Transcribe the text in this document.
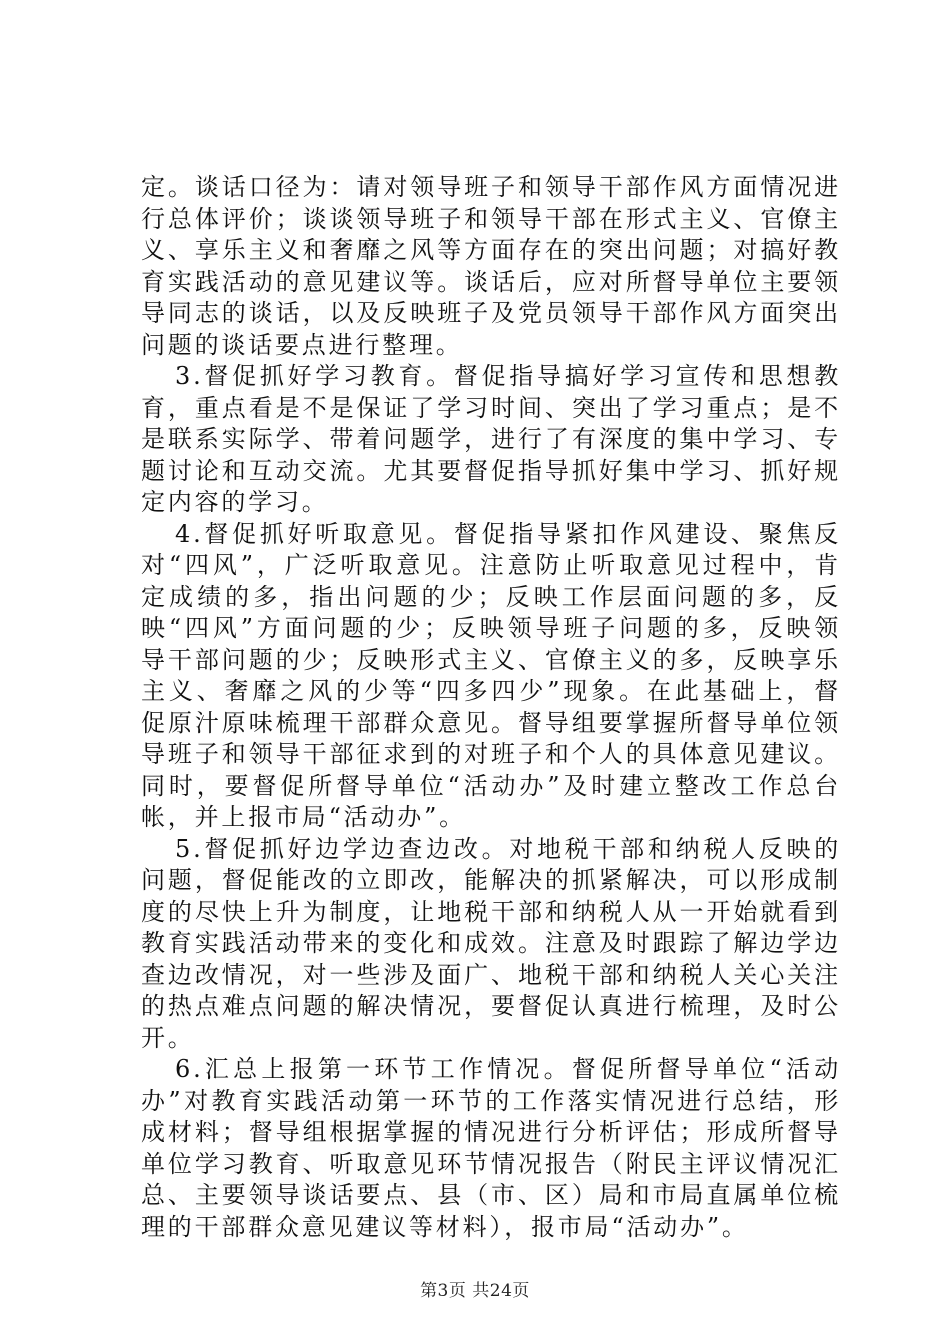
定。谈话口径为：请对领导班子和领导干部作风方面情况进行总体评价；谈谈领导班子和领导干部在形式主义、官僚主义、享乐主义和奢靡之风等方面存在的突出问题；对搞好教育实践活动的意见建议等。谈话后，应对所督导单位主要领导同志的谈话，以及反映班子及党员领导干部作风方面突出问题的谈话要点进行整理。

3.督促抓好学习教育。督促指导搞好学习宣传和思想教育，重点看是不是保证了学习时间、突出了学习重点；是不是联系实际学、带着问题学，进行了有深度的集中学习、专题讨论和互动交流。尤其要督促指导抓好集中学习、抓好规定内容的学习。

4.督促抓好听取意见。督促指导紧扣作风建设、聚焦反对“四风”，广泛听取意见。注意防止听取意见过程中，肯定成绩的多，指出问题的少；反映工作层面问题的多，反映“四风”方面问题的少；反映领导班子问题的多，反映领导干部问题的少；反映形式主义、官僚主义的多，反映享乐主义、奢靡之风的少等“四多四少”现象。在此基础上，督促原汁原味梳理干部群众意见。督导组要掌握所督导单位领导班子和领导干部征求到的对班子和个人的具体意见建议。同时，要督促所督导单位“活动办”及时建立整改工作总台帐，并上报市局“活动办”。

5.督促抓好边学边查边改。对地税干部和纳税人反映的问题，督促能改的立即改，能解决的抓紧解决，可以形成制度的尽快上升为制度，让地税干部和纳税人从一开始就看到教育实践活动带来的变化和成效。注意及时跟踪了解边学边查边改情况，对一些涉及面广、地税干部和纳税人关心关注的热点难点问题的解决情况，要督促认真进行梳理，及时公开。

6.汇总上报第一环节工作情况。督促所督导单位“活动办”对教育实践活动第一环节的工作落实情况进行总结，形成材料；督导组根据掌握的情况进行分析评估；形成所督导单位学习教育、听取意见环节情况报告（附民主评议情况汇总、主要领导谈话要点、县（市、区）局和市局直属单位梳理的干部群众意见建议等材料），报市局“活动办”。

第3页 共24页
